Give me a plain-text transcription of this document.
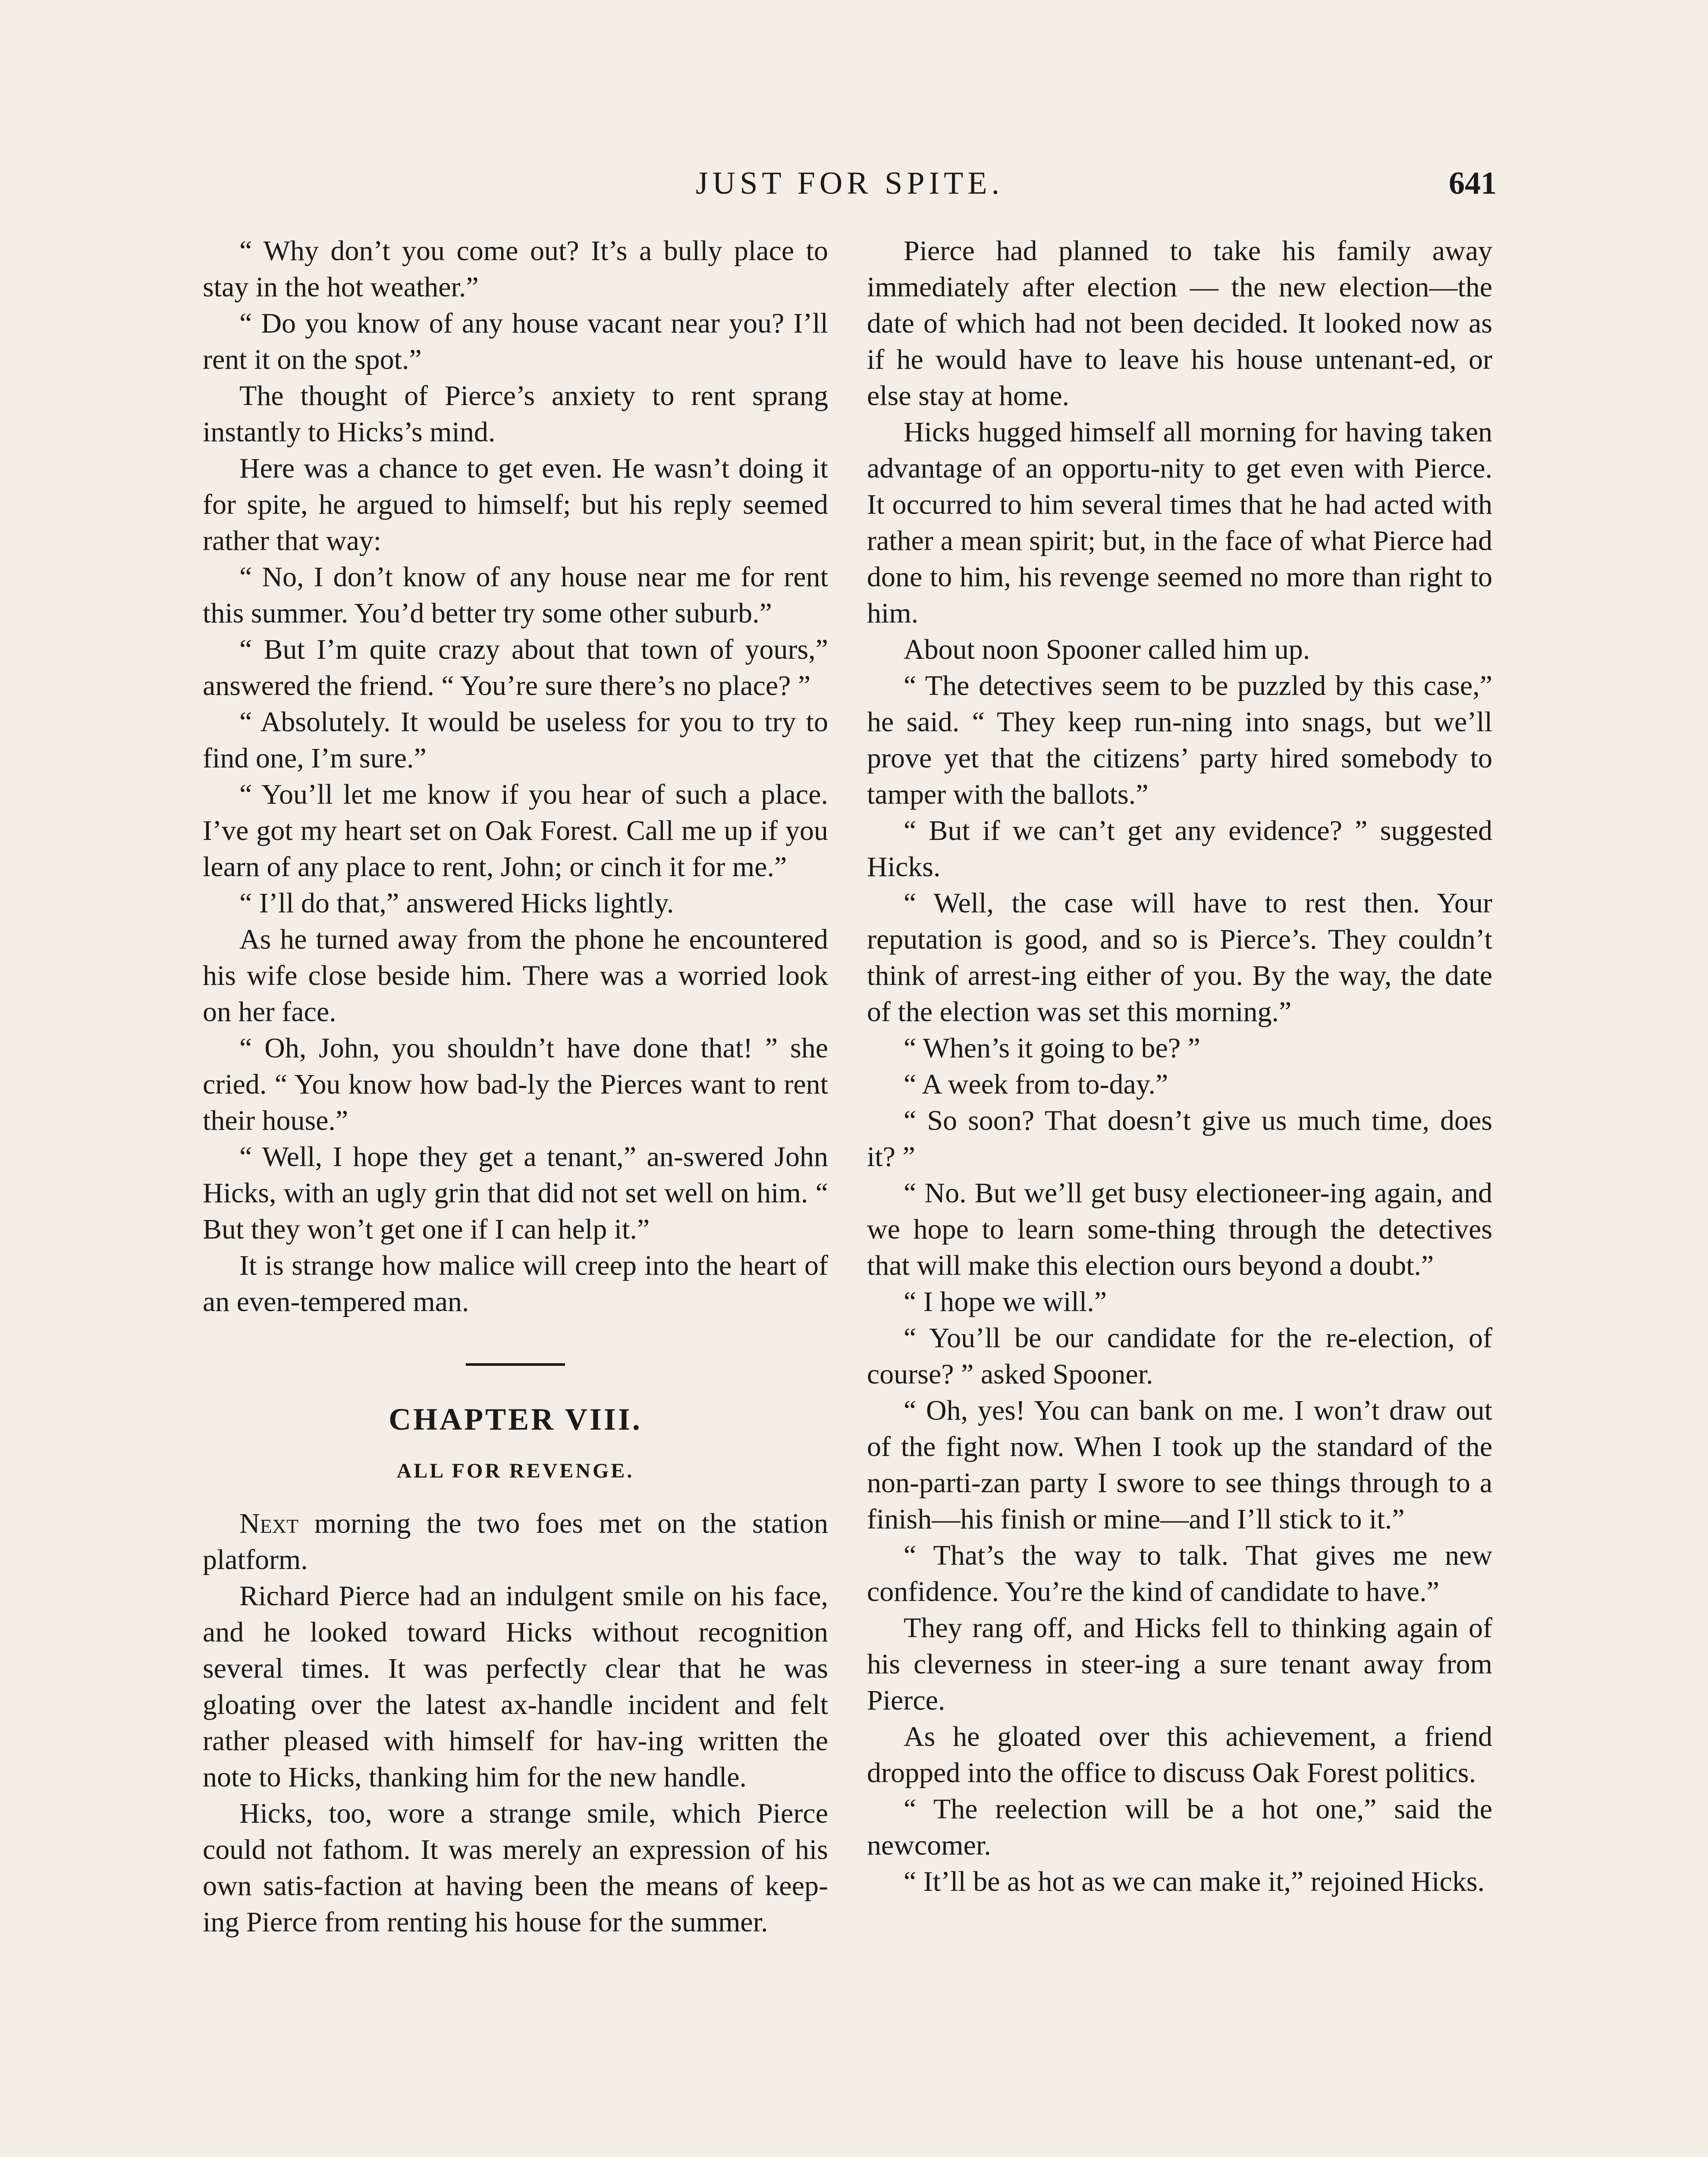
JUST FOR SPITE.	641

“ Why don’t you come out? It’s a bully place to stay in the hot weather.”

“ Do you know of any house vacant near you? I’ll rent it on the spot.”

The thought of Pierce’s anxiety to rent sprang instantly to Hicks’s mind.

Here was a chance to get even. He wasn’t doing it for spite, he argued to himself; but his reply seemed rather that way:

“ No, I don’t know of any house near me for rent this summer. You’d better try some other suburb.”

“ But I’m quite crazy about that town of yours,” answered the friend. “ You’re sure there’s no place? ”

“ Absolutely. It would be useless for you to try to find one, I’m sure.”

“ You’ll let me know if you hear of such a place. I’ve got my heart set on Oak Forest. Call me up if you learn of any place to rent, John; or cinch it for me.”

“ I’ll do that,” answered Hicks lightly.

As he turned away from the phone he encountered his wife close beside him. There was a worried look on her face.

“ Oh, John, you shouldn’t have done that! ” she cried. “ You know how bad-ly the Pierces want to rent their house.”

“ Well, I hope they get a tenant,” an-swered John Hicks, with an ugly grin that did not set well on him. “ But they won’t get one if I can help it.”

It is strange how malice will creep into the heart of an even-tempered man.

CHAPTER VIII.
ALL FOR REVENGE.

Next morning the two foes met on the station platform.

Richard Pierce had an indulgent smile on his face, and he looked toward Hicks without recognition several times. It was perfectly clear that he was gloating over the latest ax-handle incident and felt rather pleased with himself for hav-ing written the note to Hicks, thanking him for the new handle.

Hicks, too, wore a strange smile, which Pierce could not fathom. It was merely an expression of his own satis-faction at having been the means of keep-ing Pierce from renting his house for the summer.

Pierce had planned to take his family away immediately after election — the new election—the date of which had not been decided. It looked now as if he would have to leave his house untenant-ed, or else stay at home.

Hicks hugged himself all morning for having taken advantage of an opportu-nity to get even with Pierce. It occurred to him several times that he had acted with rather a mean spirit; but, in the face of what Pierce had done to him, his revenge seemed no more than right to him.

About noon Spooner called him up.

“ The detectives seem to be puzzled by this case,” he said. “ They keep run-ning into snags, but we’ll prove yet that the citizens’ party hired somebody to tamper with the ballots.”

“ But if we can’t get any evidence? ” suggested Hicks.

“ Well, the case will have to rest then. Your reputation is good, and so is Pierce’s. They couldn’t think of arrest-ing either of you. By the way, the date of the election was set this morning.”

“ When’s it going to be? ”

“ A week from to-day.”

“ So soon? That doesn’t give us much time, does it? ”

“ No. But we’ll get busy electioneer-ing again, and we hope to learn some-thing through the detectives that will make this election ours beyond a doubt.”

“ I hope we will.”

“ You’ll be our candidate for the re-election, of course? ” asked Spooner.

“ Oh, yes! You can bank on me. I won’t draw out of the fight now. When I took up the standard of the non-parti-zan party I swore to see things through to a finish—his finish or mine—and I’ll stick to it.”

“ That’s the way to talk. That gives me new confidence. You’re the kind of candidate to have.”

They rang off, and Hicks fell to thinking again of his cleverness in steer-ing a sure tenant away from Pierce.

As he gloated over this achievement, a friend dropped into the office to discuss Oak Forest politics.

“ The reelection will be a hot one,” said the newcomer.

“ It’ll be as hot as we can make it,” rejoined Hicks.
